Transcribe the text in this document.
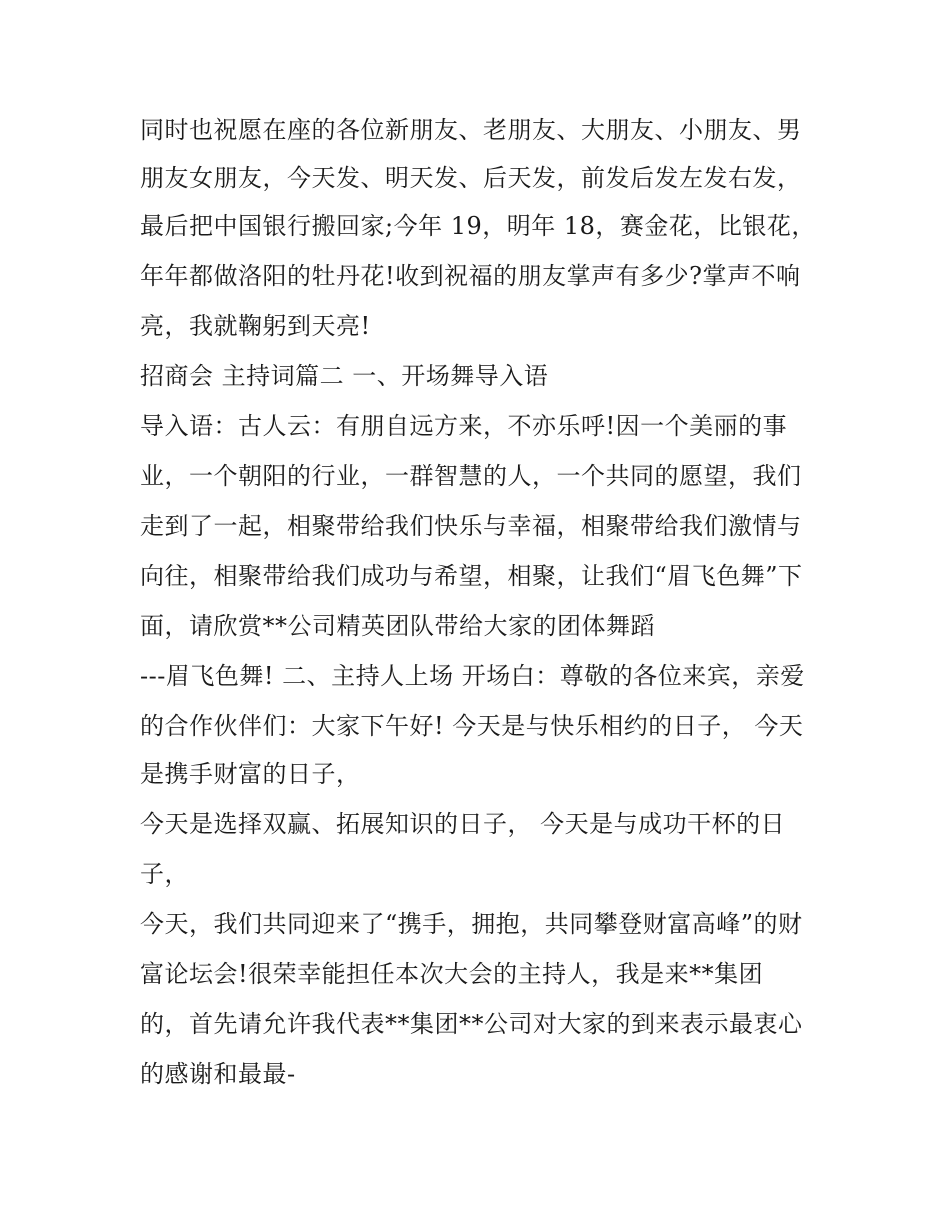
同时也祝愿在座的各位新朋友、老朋友、大朋友、小朋友、男
朋友女朋友，今天发、明天发、后天发，前发后发左发右发，
最后把中国银行搬回家;今年 19，明年 18，赛金花，比银花，
年年都做洛阳的牡丹花!收到祝福的朋友掌声有多少?掌声不响
亮，我就鞠躬到天亮!
招商会 主持词篇二 一、开场舞导入语
导入语：古人云：有朋自远方来，不亦乐呼!因一个美丽的事
业，一个朝阳的行业，一群智慧的人，一个共同的愿望，我们
走到了一起，相聚带给我们快乐与幸福，相聚带给我们激情与
向往，相聚带给我们成功与希望，相聚，让我们“眉飞色舞”下
面，请欣赏**公司精英团队带给大家的团体舞蹈
---眉飞色舞! 二、主持人上场 开场白：尊敬的各位来宾，亲爱
的合作伙伴们：大家下午好! 今天是与快乐相约的日子， 今天
是携手财富的日子，
今天是选择双赢、拓展知识的日子， 今天是与成功干杯的日
子，
今天，我们共同迎来了“携手，拥抱，共同攀登财富高峰”的财
富论坛会!很荣幸能担任本次大会的主持人，我是来**集团
的，首先请允许我代表**集团**公司对大家的到来表示最衷心
的感谢和最最-
